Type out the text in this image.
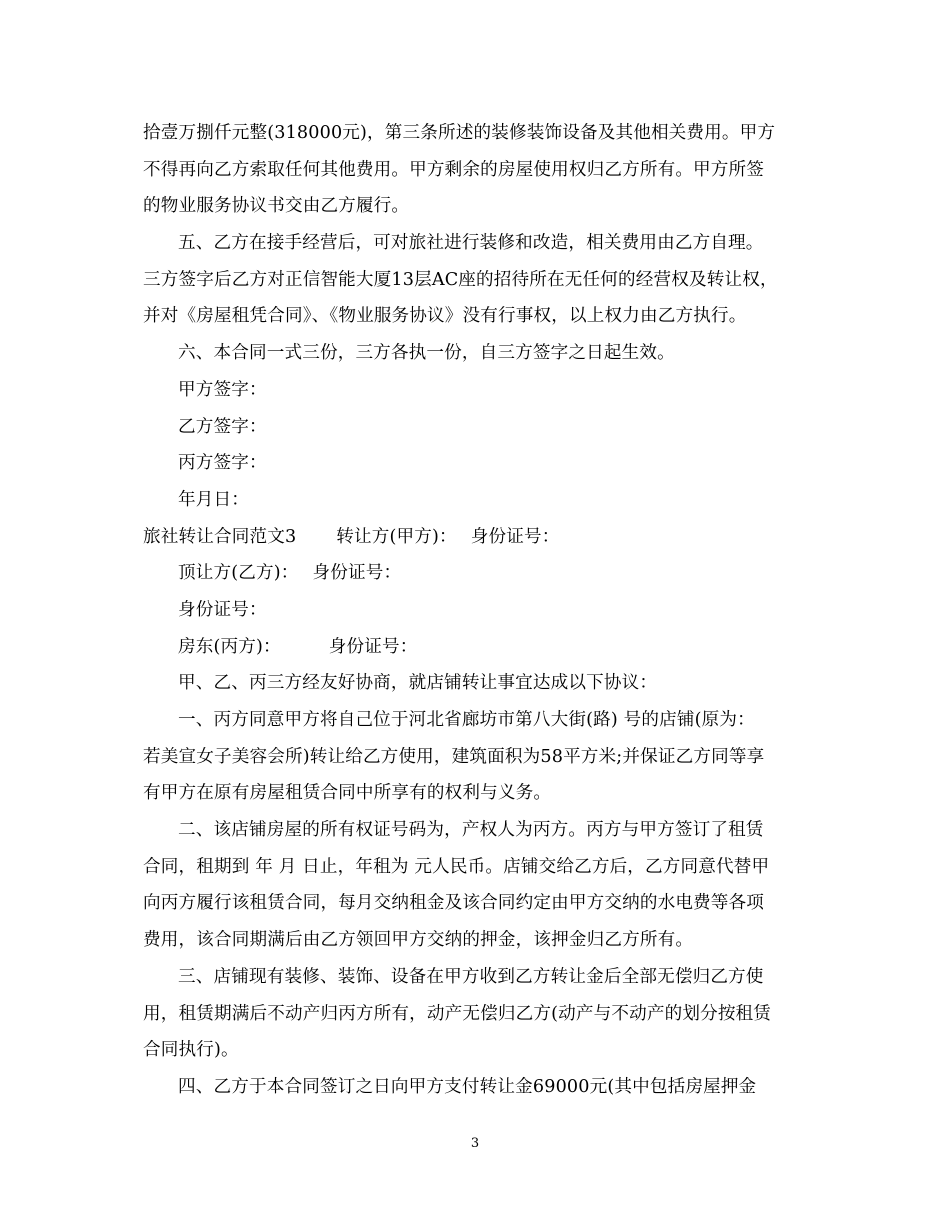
拾壹万捌仟元整(318000元)，第三条所述的装修装饰设备及其他相关费用。甲方
不得再向乙方索取任何其他费用。甲方剩余的房屋使用权归乙方所有。甲方所签
的物业服务协议书交由乙方履行。
五、乙方在接手经营后，可对旅社进行装修和改造，相关费用由乙方自理。
三方签字后乙方对正信智能大厦13层AC座的招待所在无任何的经营权及转让权，
并对《房屋租凭合同》、《物业服务协议》没有行事权，以上权力由乙方执行。
六、本合同一式三份，三方各执一份，自三方签字之日起生效。
甲方签字：
乙方签字：
丙方签字：
年月日：
旅社转让合同范文3 转让方(甲方)： 身份证号：
顶让方(乙方)： 身份证号：
身份证号：
房东(丙方)：	身份证号：
甲、乙、丙三方经友好协商，就店铺转让事宜达成以下协议：
一、丙方同意甲方将自己位于河北省廊坊市第八大街(路) 号的店铺(原为：
若美宣女子美容会所)转让给乙方使用，建筑面积为58平方米;并保证乙方同等享
有甲方在原有房屋租赁合同中所享有的权利与义务。
二、该店铺房屋的所有权证号码为，产权人为丙方。丙方与甲方签订了租赁
合同，租期到 年 月 日止，年租为 元人民币。店铺交给乙方后，乙方同意代替甲
向丙方履行该租赁合同，每月交纳租金及该合同约定由甲方交纳的水电费等各项
费用，该合同期满后由乙方领回甲方交纳的押金，该押金归乙方所有。
三、店铺现有装修、装饰、设备在甲方收到乙方转让金后全部无偿归乙方使
用，租赁期满后不动产归丙方所有，动产无偿归乙方(动产与不动产的划分按租赁
合同执行)。
四、乙方于本合同签订之日向甲方支付转让金69000元(其中包括房屋押金
3
